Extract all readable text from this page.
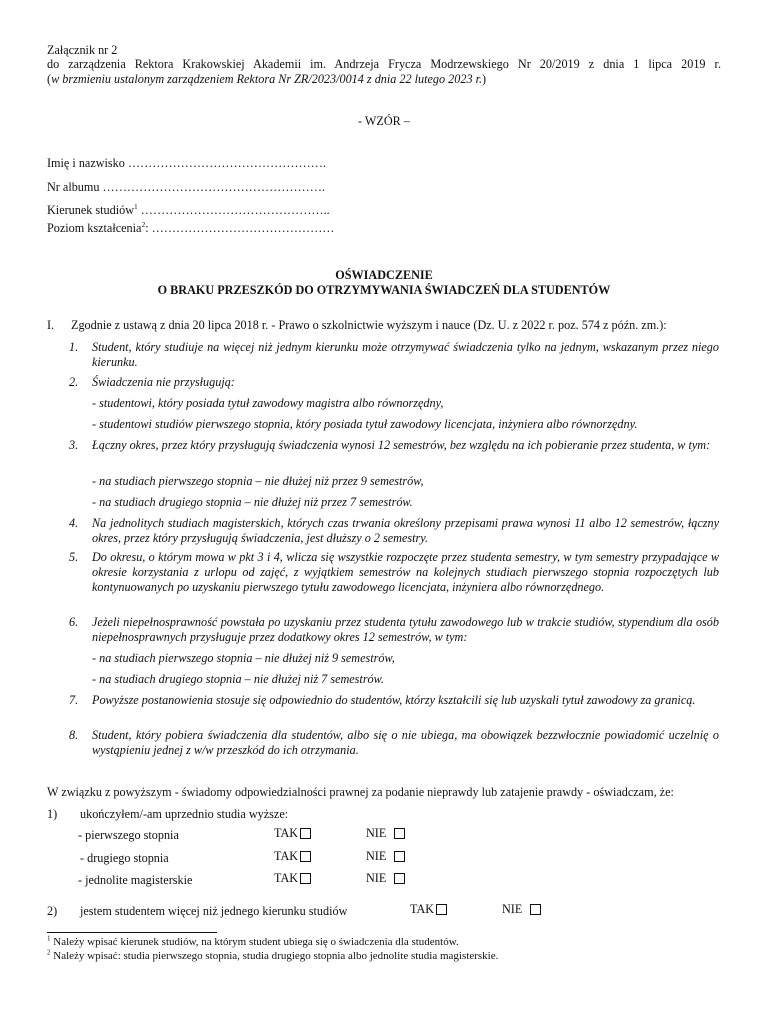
Załącznik nr 2
do zarządzenia Rektora Krakowskiej Akademii im. Andrzeja Frycza Modrzewskiego Nr 20/2019 z dnia 1 lipca 2019 r.
(w brzmieniu ustalonym zarządzeniem Rektora Nr ZR/2023/0014 z dnia 22 lutego 2023 r.)
- WZÓR –
Imię i nazwisko ………………………………………….
Nr albumu ……………………………………………….
Kierunek studiów$^1$ ………………………………………..
Poziom kształcenia$^2$: ………………………………………
OŚWIADCZENIE
O BRAKU PRZESZKÓD DO OTRZYMYWANIA ŚWIADCZEŃ DLA STUDENTÓW
I. Zgodnie z ustawą z dnia 20 lipca 2018 r. - Prawo o szkolnictwie wyższym i nauce (Dz. U. z 2022 r. poz. 574 z późn. zm.):
1. Student, który studiuje na więcej niż jednym kierunku może otrzymywać świadczenia tylko na jednym, wskazanym przez niego kierunku.
2. Świadczenia nie przysługują:
- studentowi, który posiada tytuł zawodowy magistra albo równorzędny,
- studentowi studiów pierwszego stopnia, który posiada tytuł zawodowy licencjata, inżyniera albo równorzędny.
3. Łączny okres, przez który przysługują świadczenia wynosi 12 semestrów, bez względu na ich pobieranie przez studenta, w tym:
- na studiach pierwszego stopnia – nie dłużej niż przez 9 semestrów,
- na studiach drugiego stopnia – nie dłużej niż przez 7 semestrów.
4. Na jednolitych studiach magisterskich, których czas trwania określony przepisami prawa wynosi 11 albo 12 semestrów, łączny okres, przez który przysługują świadczenia, jest dłuższy o 2 semestry.
5. Do okresu, o którym mowa w pkt 3 i 4, wlicza się wszystkie rozpoczęte przez studenta semestry, w tym semestry przypadające w okresie korzystania z urlopu od zajęć, z wyjątkiem semestrów na kolejnych studiach pierwszego stopnia rozpoczętych lub kontynuowanych po uzyskaniu pierwszego tytułu zawodowego licencjata, inżyniera albo równorzędnego.
6. Jeżeli niepełnosprawność powstała po uzyskaniu przez studenta tytułu zawodowego lub w trakcie studiów, stypendium dla osób niepełnosprawnych przysługuje przez dodatkowy okres 12 semestrów, w tym:
- na studiach pierwszego stopnia – nie dłużej niż 9 semestrów,
- na studiach drugiego stopnia – nie dłużej niż 7 semestrów.
7. Powyższe postanowienia stosuje się odpowiednio do studentów, którzy kształcili się lub uzyskali tytuł zawodowy za granicą.
8. Student, który pobiera świadczenia dla studentów, albo się o nie ubiega, ma obowiązek bezzwłocznie powiadomić uczelnię o wystąpieniu jednej z w/w przeszkód do ich otrzymania.
W związku z powyższym - świadomy odpowiedzialności prawnej za podanie nieprawdy lub zatajenie prawdy - oświadczam, że:
1) ukończyłem/-am uprzednio studia wyższe:
- pierwszego stopnia	TAK	NIE
- drugiego stopnia	TAK	NIE
- jednolite magisterskie	TAK	NIE
2) jestem studentem więcej niż jednego kierunku studiów	TAK	NIE
$^1$ Należy wpisać kierunek studiów, na którym student ubiega się o świadczenia dla studentów.
$^2$ Należy wpisać: studia pierwszego stopnia, studia drugiego stopnia albo jednolite studia magisterskie.
